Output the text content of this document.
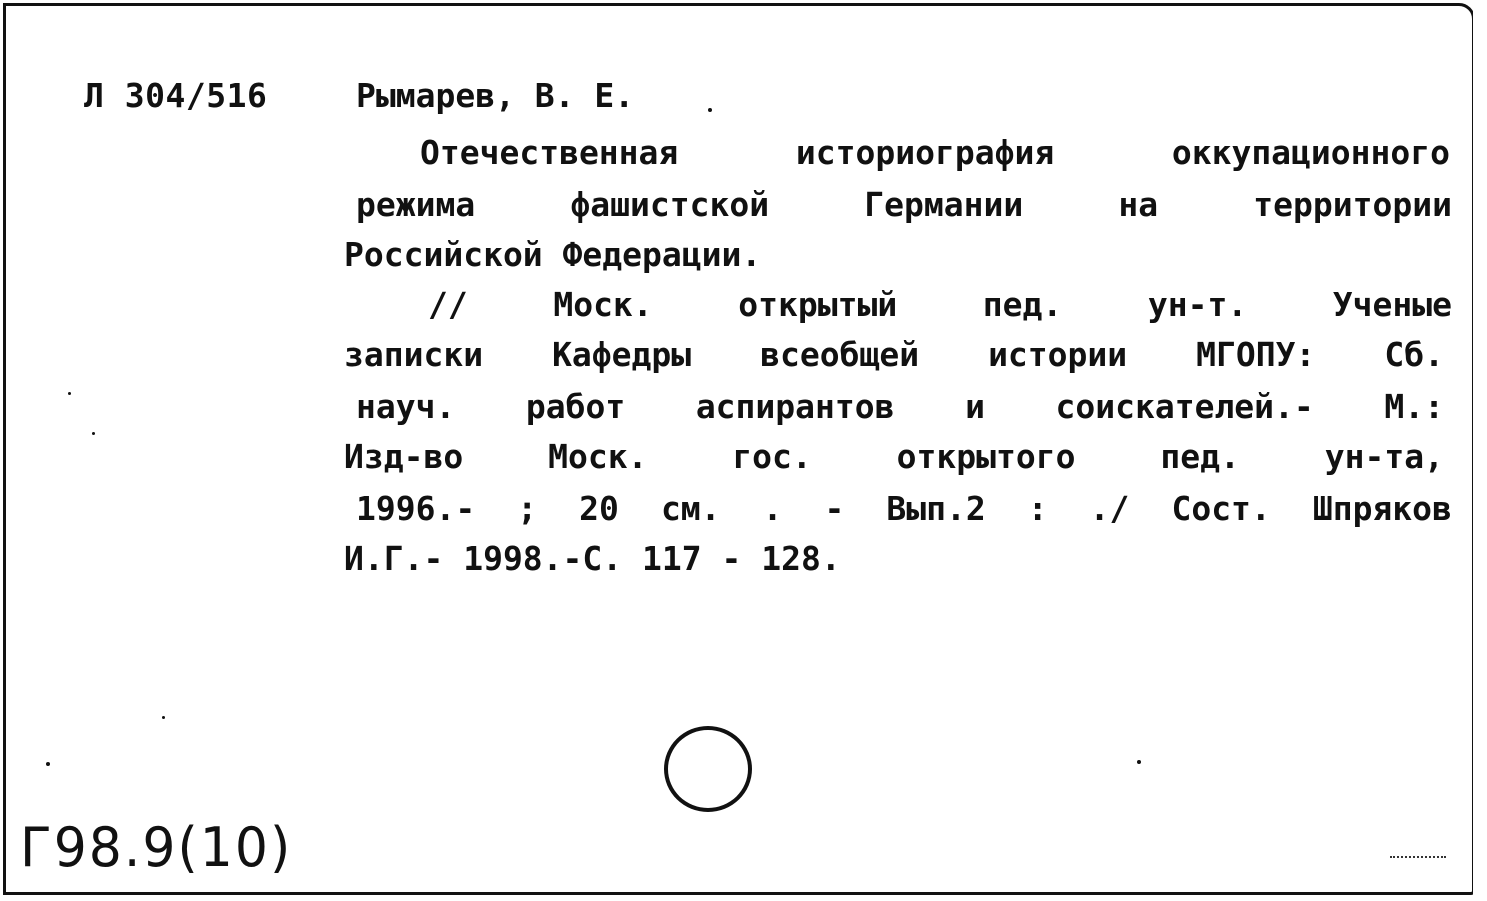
Л 304/516	Рымарев, В. Е.
Отечественная	историография	оккупационного
режима	фашистской	Германии	на	территории
Российской Федерации.
//	Моск.	открытый	пед.	ун-т.	Ученые
записки Кафедры всеобщей истории МГОПУ: Сб.
науч. работ аспирантов и соискателей.- М.:
Изд-во	Моск.	гос.	открытого	пед.	ун-та,
1996.- ; 20 см. . - Вып.2 : ./ Сост. Шпряков
И.Г.- 1998.-С. 117 - 128.
Г98.9(10)
